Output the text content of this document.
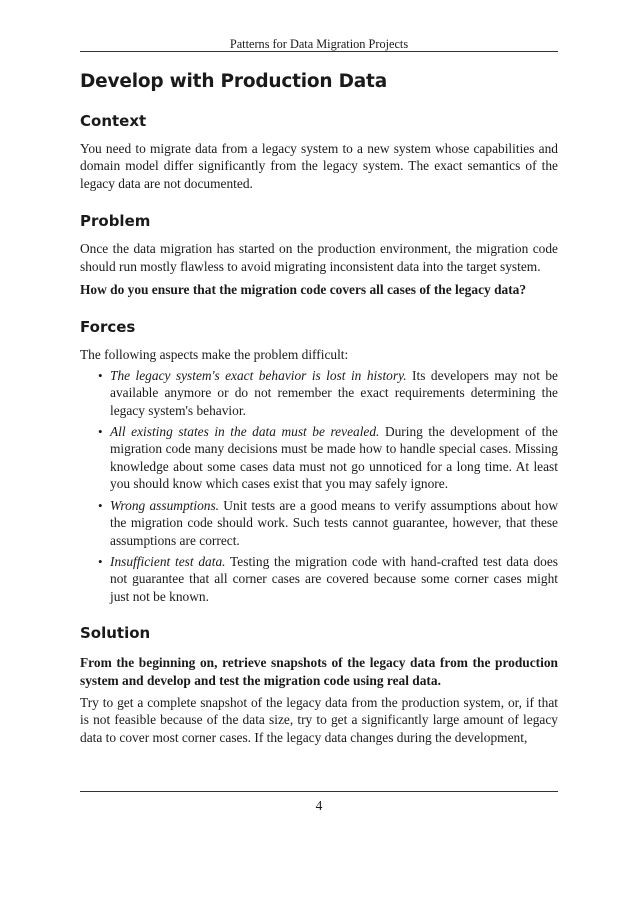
Patterns for Data Migration Projects
Develop with Production Data
Context

You need to migrate data from a legacy system to a new system whose capabilities and domain model differ significantly from the legacy system. The exact semantics of the legacy data are not documented.

Problem

Once the data migration has started on the production environment, the migration code should run mostly flawless to avoid migrating inconsistent data into the target system.

How do you ensure that the migration code covers all cases of the legacy data?

Forces

The following aspects make the problem difficult:

• The legacy system's exact behavior is lost in history. Its developers may not be available anymore or do not remember the exact requirements determining the legacy system's behavior.
• All existing states in the data must be revealed. During the development of the migration code many decisions must be made how to handle special cases. Missing knowledge about some cases data must not go unnoticed for a long time. At least you should know which cases exist that you may safely ignore.
• Wrong assumptions. Unit tests are a good means to verify assumptions about how the migration code should work. Such tests cannot guarantee, however, that these assumptions are correct.
• Insufficient test data. Testing the migration code with hand-crafted test data does not guarantee that all corner cases are covered because some corner cases might just not be known.
Solution

From the beginning on, retrieve snapshots of the legacy data from the production system and develop and test the migration code using real data.

Try to get a complete snapshot of the legacy data from the production system, or, if that is not feasible because of the data size, try to get a significantly large amount of legacy data to cover most corner cases. If the legacy data changes during the development,

4
